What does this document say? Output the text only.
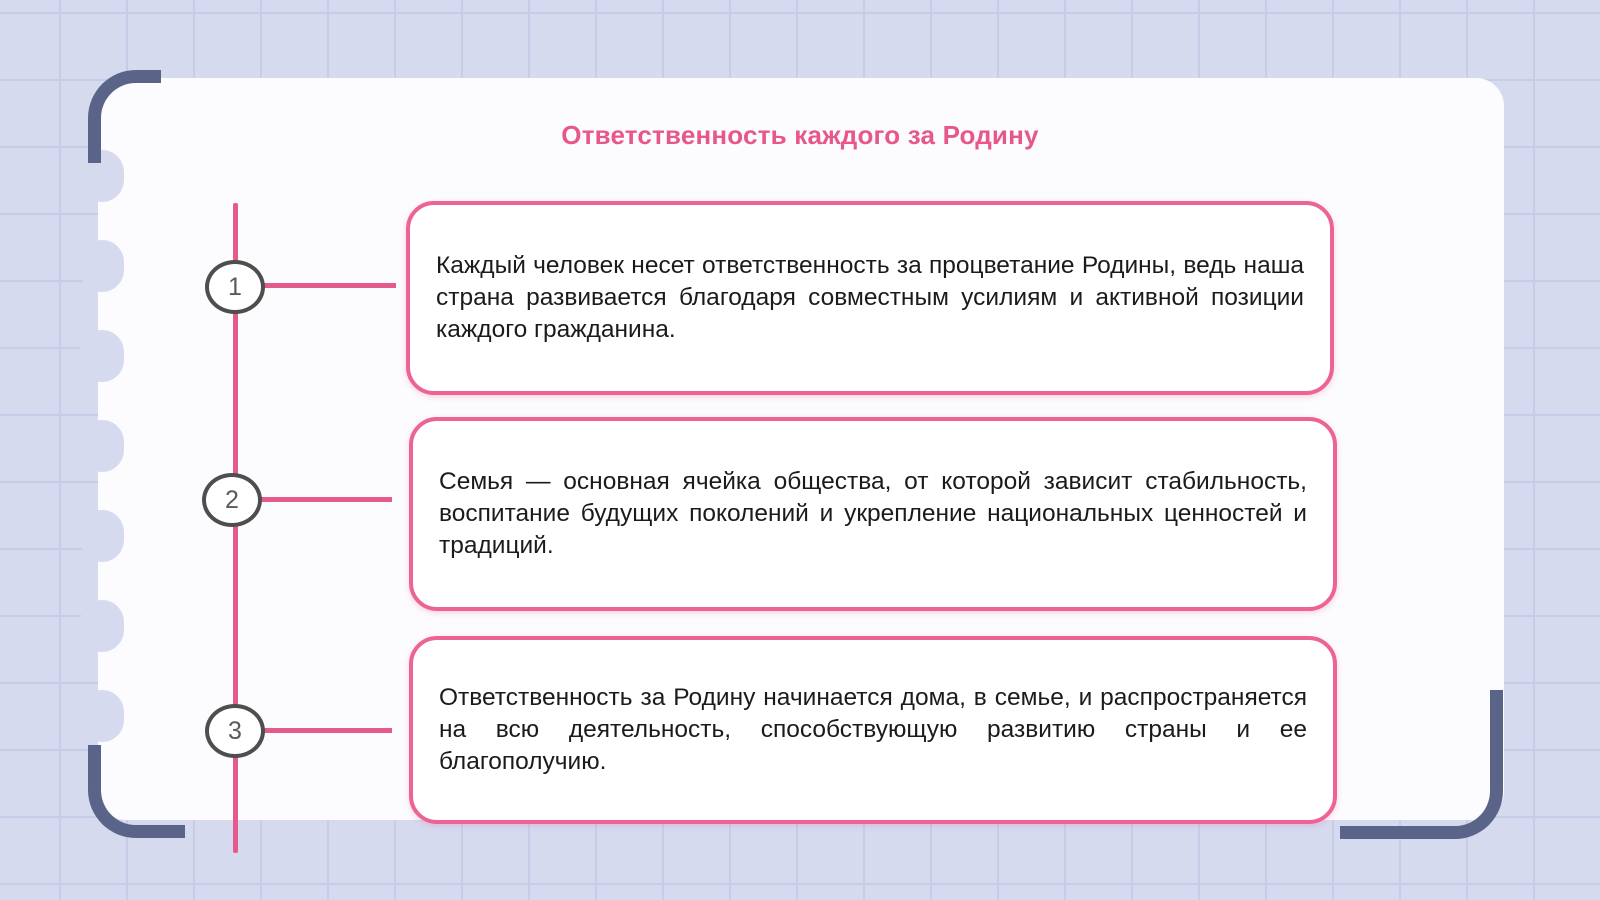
Ответственность каждого за Родину
1
2
3

Каждый человек несет ответственность за процветание Родины, ведь наша страна развивается благодаря совместным усилиям и активной позиции каждого гражданина.

Семья — основная ячейка общества, от которой зависит стабильность, воспитание будущих поколений и укрепление национальных ценностей и традиций.

Ответственность за Родину начинается дома, в семье, и распространяется на всю деятельность, способствующую развитию страны и ее благополучию.
